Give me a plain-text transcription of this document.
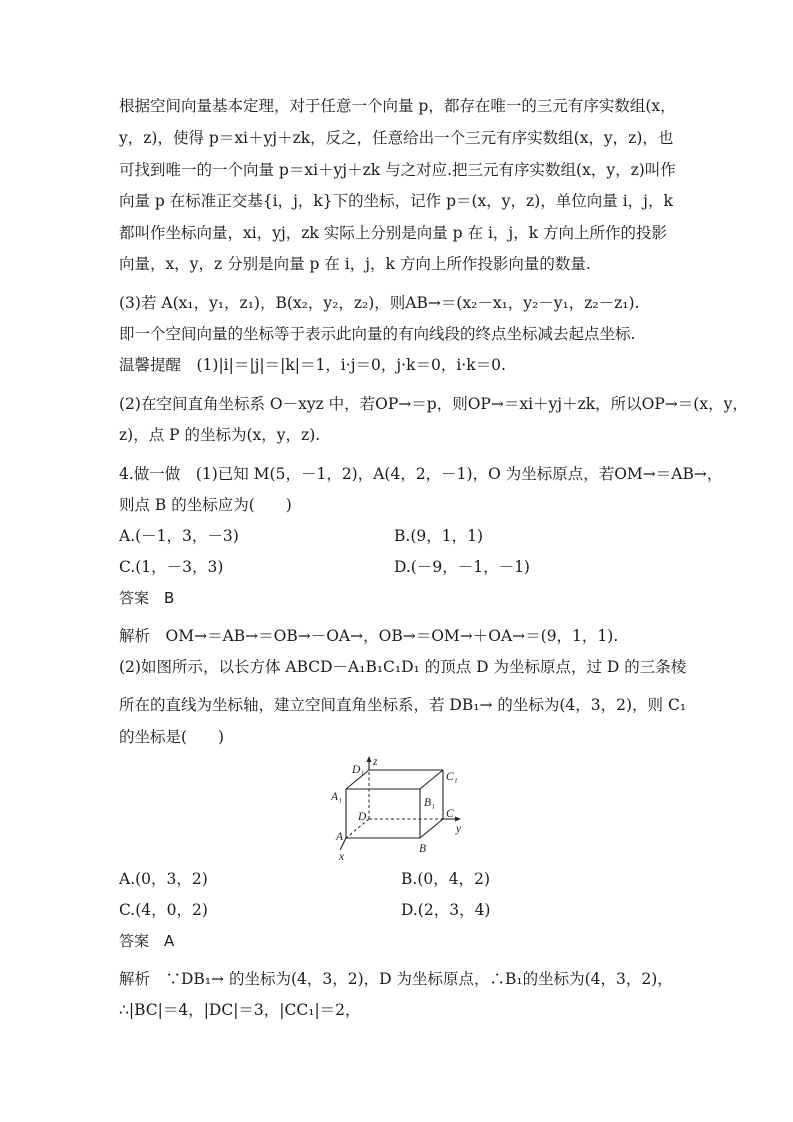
根据空间向量基本定理，对于任意一个向量 p，都存在唯一的三元有序实数组(x，
y，z)，使得 p＝xi＋yj＋zk，反之，任意给出一个三元有序实数组(x，y，z)，也
可找到唯一的一个向量 p＝xi＋yj＋zk 与之对应.把三元有序实数组(x，y，z)叫作
向量 p 在标准正交基{i，j，k}下的坐标，记作 p＝(x，y，z)，单位向量 i，j，k
都叫作坐标向量，xi，yj，zk 实际上分别是向量 p 在 i，j，k 方向上所作的投影
向量，x，y，z 分别是向量 p 在 i，j，k 方向上所作投影向量的数量.
(3)若 A(x₁，y₁，z₁)，B(x₂，y₂，z₂)，则AB→＝(x₂－x₁，y₂－y₁，z₂－z₁).
即一个空间向量的坐标等于表示此向量的有向线段的终点坐标减去起点坐标.
温馨提醒　(1)|i|＝|j|＝|k|＝1，i·j＝0，j·k＝0，i·k＝0.
(2)在空间直角坐标系 O－xyz 中，若OP→＝p，则OP→＝xi＋yj＋zk，所以OP→＝(x，y，
z)，点 P 的坐标为(x，y，z).
4.做一做　(1)已知 M(5，－1，2)，A(4，2，－1)，O 为坐标原点，若OM→＝AB→，
则点 B 的坐标应为(　　)
A.(－1，3，－3)	B.(9，1，1)
C.(1，－3，3)	D.(－9，－1，－1)
答案　B
解析　OM→＝AB→＝OB→－OA→，OB→＝OM→＋OA→＝(9，1，1).
(2)如图所示，以长方体 ABCD－A₁B₁C₁D₁ 的顶点 D 为坐标原点，过 D 的三条棱
所在的直线为坐标轴，建立空间直角坐标系，若 DB₁→ 的坐标为(4，3，2)，则 C₁
的坐标是(　　)
D₁
z
C₁
A₁	B₁
D	C
y
A
B
x
A.(0，3，2)	B.(0，4，2)
C.(4，0，2)	D.(2，3，4)
答案　A
解析　∵DB₁→ 的坐标为(4，3，2)，D 为坐标原点，∴B₁的坐标为(4，3，2)，
∴|BC|＝4，|DC|＝3，|CC₁|＝2，
